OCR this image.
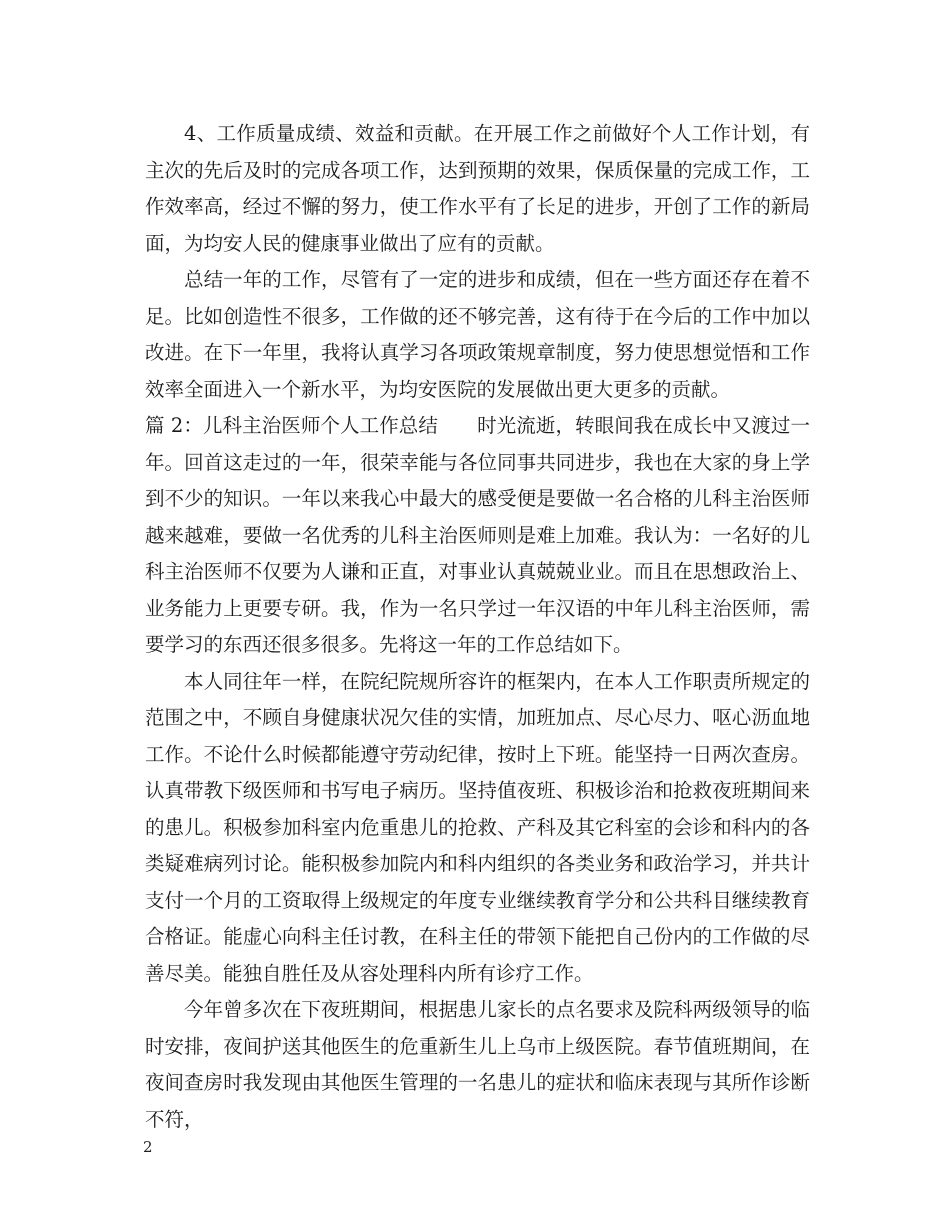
4、工作质量成绩、效益和贡献。在开展工作之前做好个人工作计划，有主次的先后及时的完成各项工作，达到预期的效果，保质保量的完成工作，工作效率高，经过不懈的努力，使工作水平有了长足的进步，开创了工作的新局面，为均安人民的健康事业做出了应有的贡献。

总结一年的工作，尽管有了一定的进步和成绩，但在一些方面还存在着不足。比如创造性不很多，工作做的还不够完善，这有待于在今后的工作中加以改进。在下一年里，我将认真学习各项政策规章制度，努力使思想觉悟和工作效率全面进入一个新水平，为均安医院的发展做出更大更多的贡献。

篇 2：儿科主治医师个人工作总结　　时光流逝，转眼间我在成长中又渡过一年。回首这走过的一年，很荣幸能与各位同事共同进步，我也在大家的身上学到不少的知识。一年以来我心中最大的感受便是要做一名合格的儿科主治医师越来越难，要做一名优秀的儿科主治医师则是难上加难。我认为：一名好的儿科主治医师不仅要为人谦和正直，对事业认真兢兢业业。而且在思想政治上、业务能力上更要专研。我，作为一名只学过一年汉语的中年儿科主治医师，需要学习的东西还很多很多。先将这一年的工作总结如下。

本人同往年一样，在院纪院规所容许的框架内，在本人工作职责所规定的范围之中，不顾自身健康状况欠佳的实情，加班加点、尽心尽力、呕心沥血地工作。不论什么时候都能遵守劳动纪律，按时上下班。能坚持一日两次查房。认真带教下级医师和书写电子病历。坚持值夜班、积极诊治和抢救夜班期间来的患儿。积极参加科室内危重患儿的抢救、产科及其它科室的会诊和科内的各类疑难病列讨论。能积极参加院内和科内组织的各类业务和政治学习，并共计支付一个月的工资取得上级规定的年度专业继续教育学分和公共科目继续教育合格证。能虚心向科主任讨教，在科主任的带领下能把自己份内的工作做的尽善尽美。能独自胜任及从容处理科内所有诊疗工作。

今年曾多次在下夜班期间，根据患儿家长的点名要求及院科两级领导的临时安排，夜间护送其他医生的危重新生儿上乌市上级医院。春节值班期间，在夜间查房时我发现由其他医生管理的一名患儿的症状和临床表现与其所作诊断不符，

2
